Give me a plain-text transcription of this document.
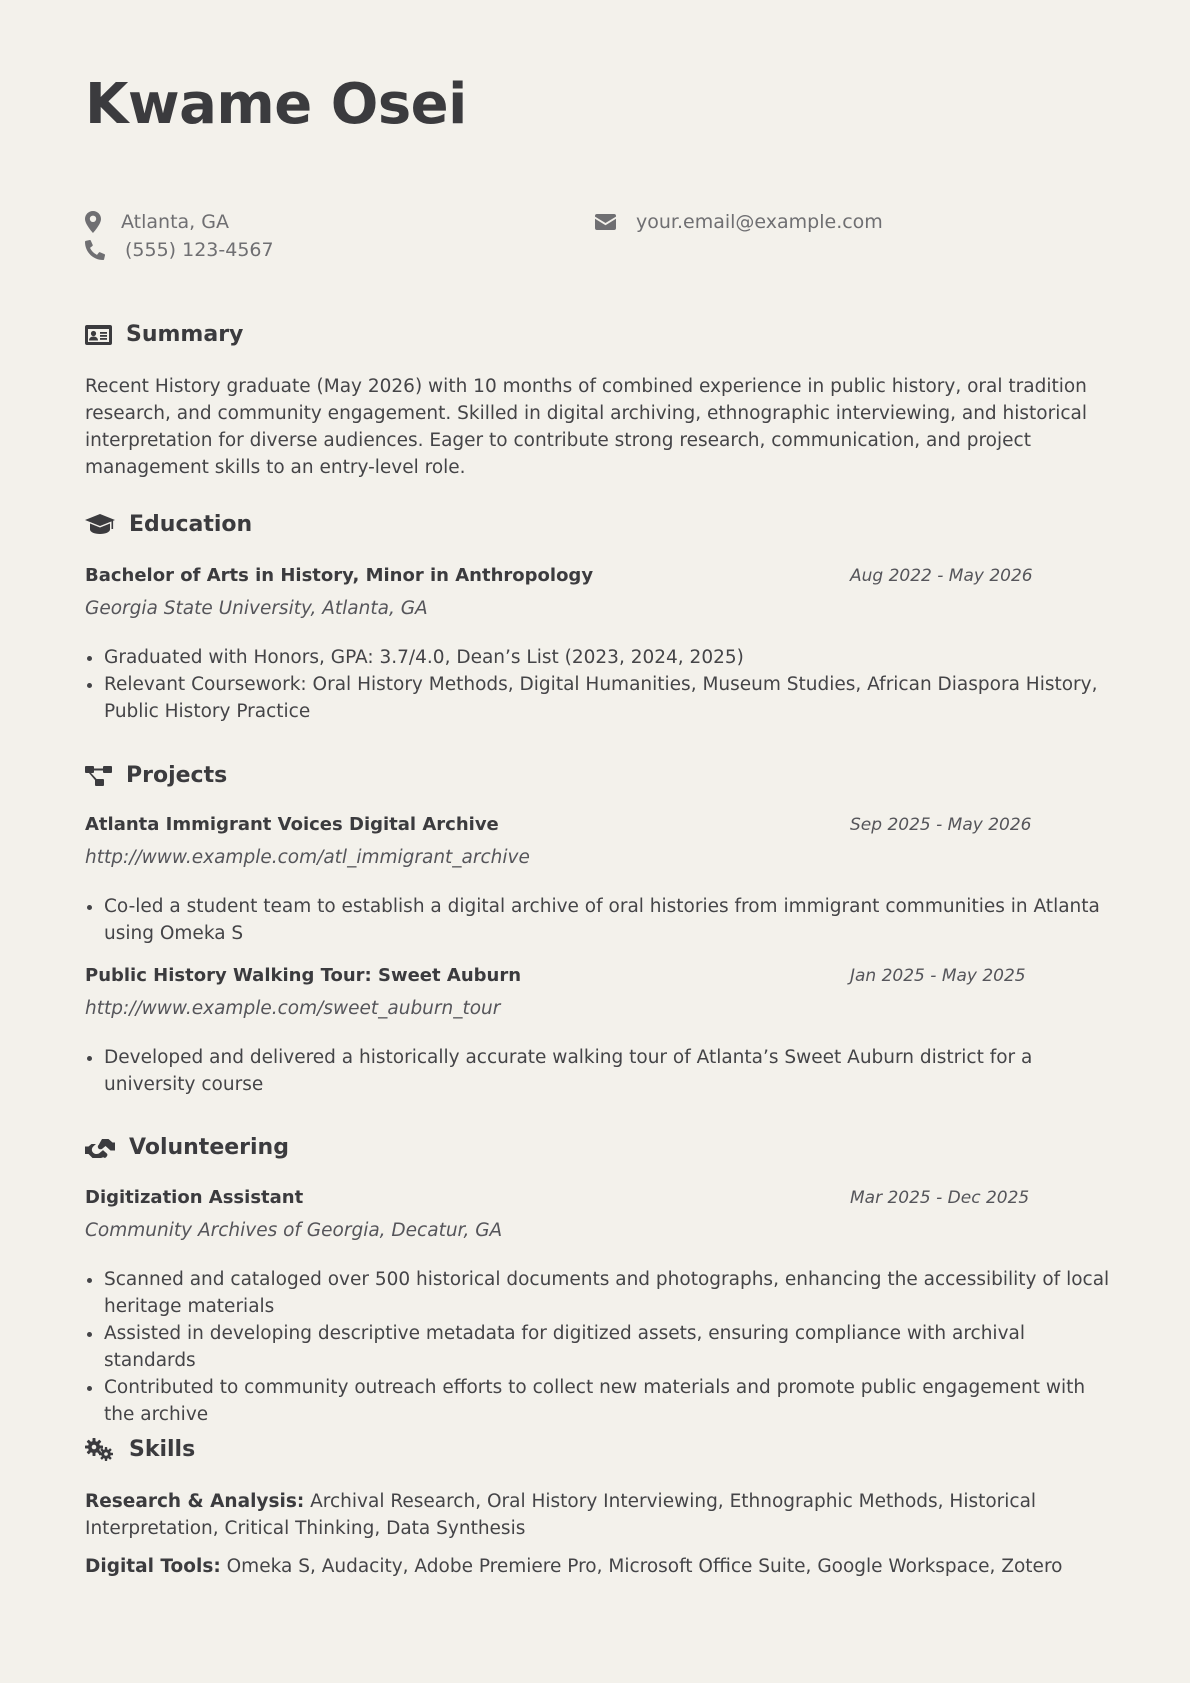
Kwame Osei
Atlanta, GA	your.email@example.com
(555) 123-4567
Summary

Recent History graduate (May 2026) with 10 months of combined experience in public history, oral tradition research, and community engagement. Skilled in digital archiving, ethnographic interviewing, and historical interpretation for diverse audiences. Eager to contribute strong research, communication, and project management skills to an entry-level role.

Education
Bachelor of Arts in History, Minor in Anthropology	Aug 2022 - May 2026
Georgia State University, Atlanta, GA
• Graduated with Honors, GPA: 3.7/4.0, Dean’s List (2023, 2024, 2025)
• Relevant Coursework: Oral History Methods, Digital Humanities, Museum Studies, African Diaspora History, Public History Practice
Projects
Atlanta Immigrant Voices Digital Archive	Sep 2025 - May 2026
http://www.example.com/atl_immigrant_archive
• Co-led a student team to establish a digital archive of oral histories from immigrant communities in Atlanta using Omeka S
Public History Walking Tour: Sweet Auburn	Jan 2025 - May 2025
http://www.example.com/sweet_auburn_tour
• Developed and delivered a historically accurate walking tour of Atlanta’s Sweet Auburn district for a university course
Volunteering
Digitization Assistant	Mar 2025 - Dec 2025
Community Archives of Georgia, Decatur, GA
• Scanned and cataloged over 500 historical documents and photographs, enhancing the accessibility of local heritage materials
• Assisted in developing descriptive metadata for digitized assets, ensuring compliance with archival standards
• Contributed to community outreach efforts to collect new materials and promote public engagement with the archive
Skills

Research & Analysis: Archival Research, Oral History Interviewing, Ethnographic Methods, Historical Interpretation, Critical Thinking, Data Synthesis

Digital Tools: Omeka S, Audacity, Adobe Premiere Pro, Microsoft Office Suite, Google Workspace, Zotero
